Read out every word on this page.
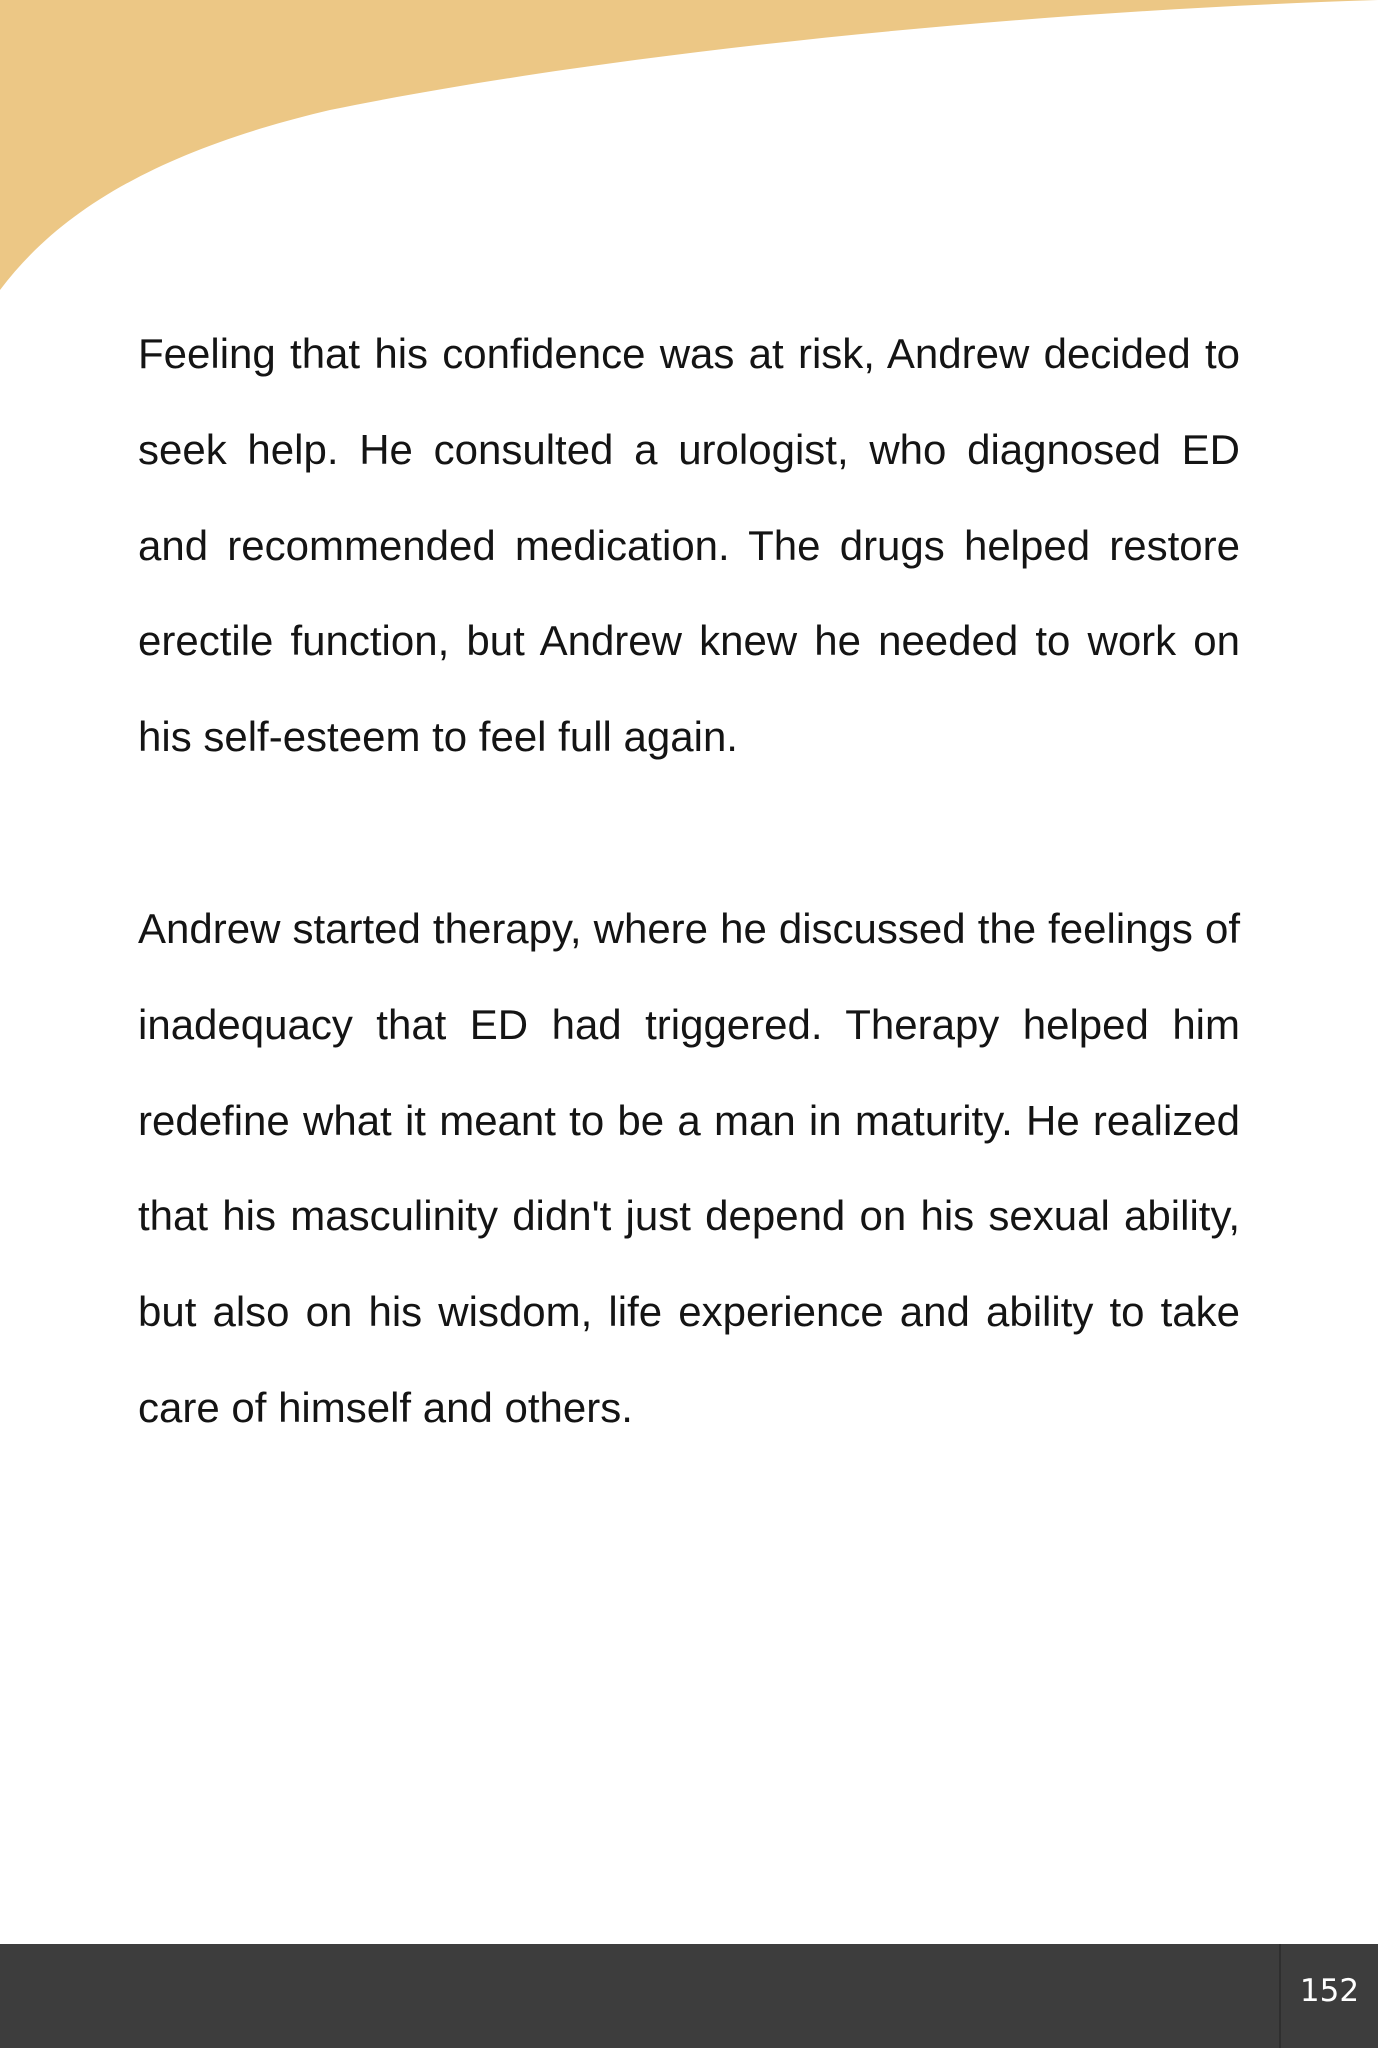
Feeling that his confidence was at risk, Andrew decided to seek help. He consulted a urologist, who diagnosed ED and recommended medication. The drugs helped restore erectile function, but Andrew knew he needed to work on his self-esteem to feel full again.

Andrew started therapy, where he discussed the feelings of inadequacy that ED had triggered. Therapy helped him redefine what it meant to be a man in maturity. He realized that his masculinity didn't just depend on his sexual ability, but also on his wisdom, life experience and ability to take care of himself and others.

152
